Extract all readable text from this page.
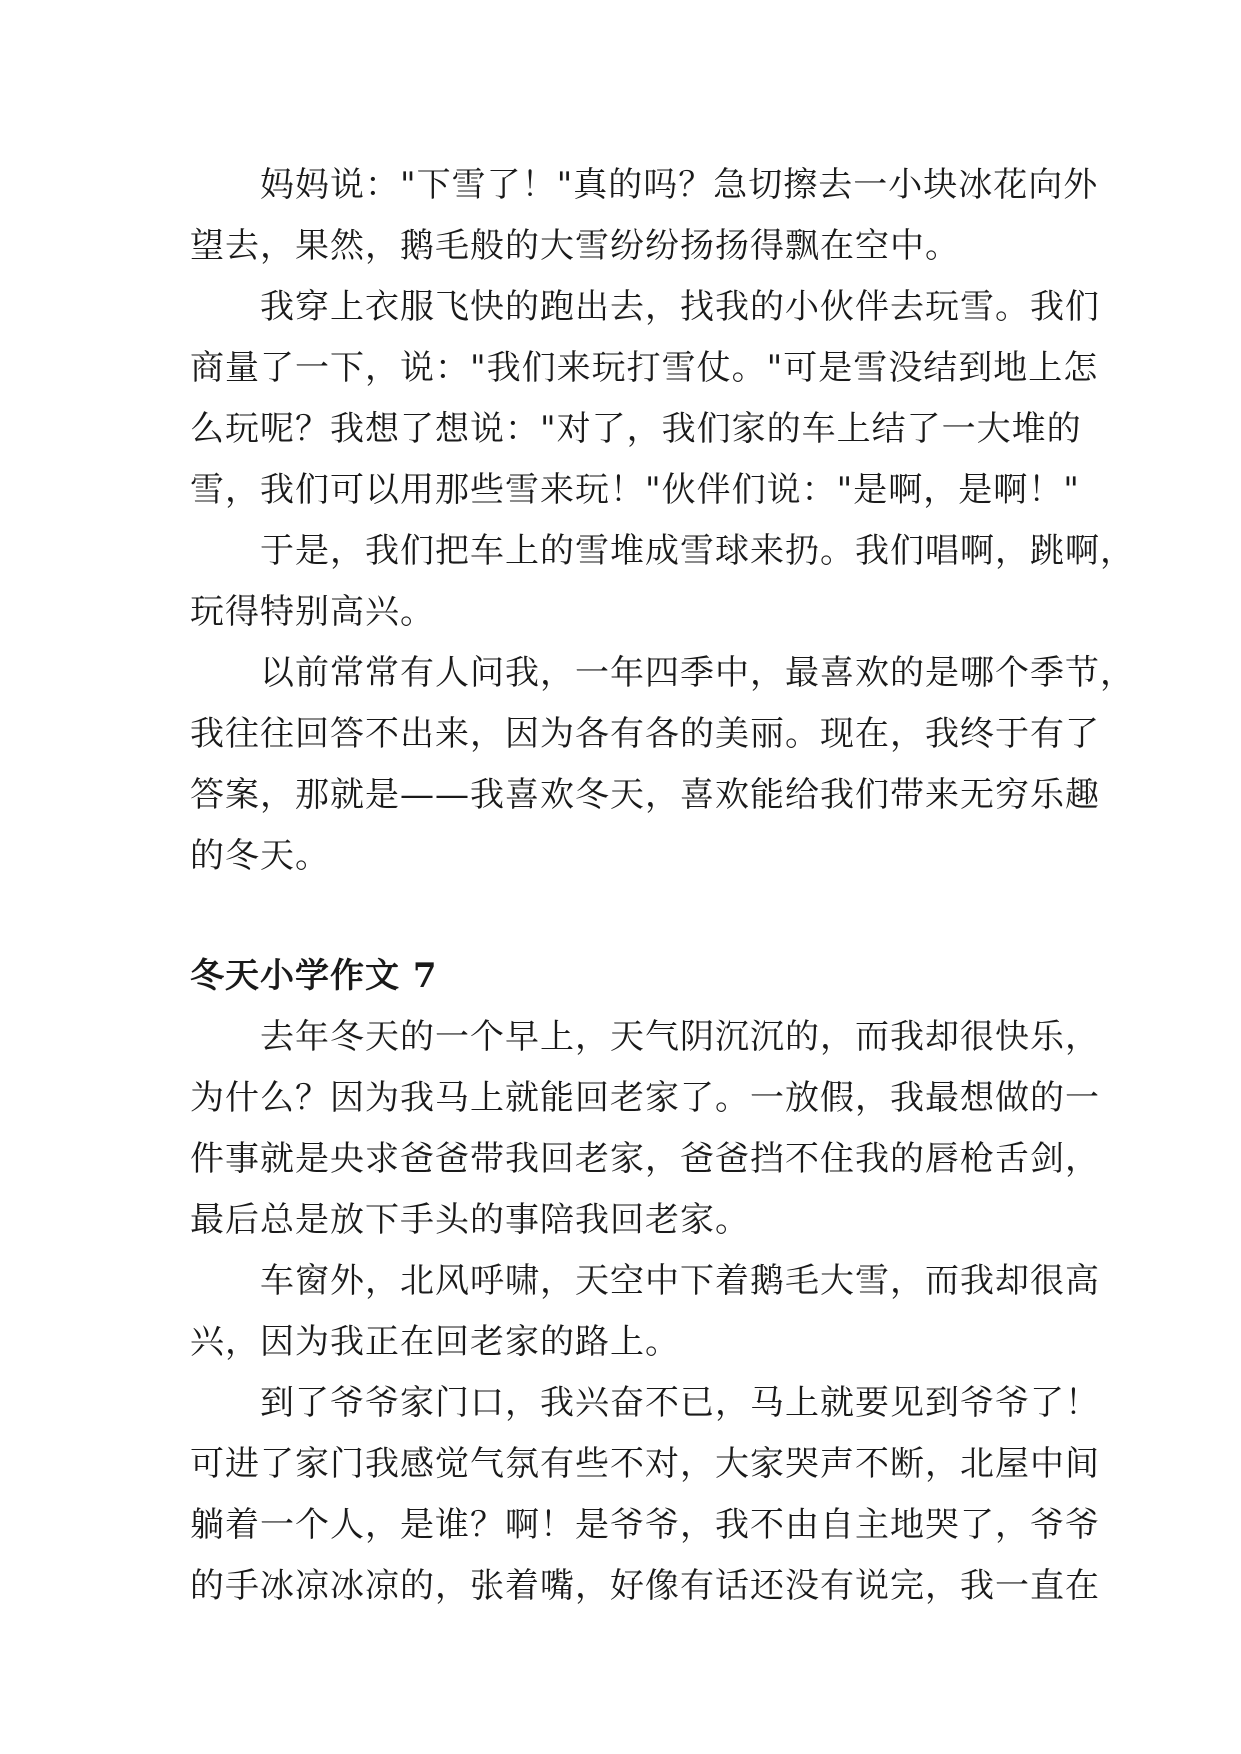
妈妈说："下雪了！"真的吗？急切擦去一小块冰花向外
望去，果然，鹅毛般的大雪纷纷扬扬得飘在空中。

我穿上衣服飞快的跑出去，找我的小伙伴去玩雪。我们
商量了一下，说："我们来玩打雪仗。"可是雪没结到地上怎
么玩呢？我想了想说："对了，我们家的车上结了一大堆的
雪，我们可以用那些雪来玩！"伙伴们说："是啊，是啊！"

于是，我们把车上的雪堆成雪球来扔。我们唱啊，跳啊，
玩得特别高兴。

以前常常有人问我，一年四季中，最喜欢的是哪个季节，
我往往回答不出来，因为各有各的美丽。现在，我终于有了
答案，那就是——我喜欢冬天，喜欢能给我们带来无穷乐趣
的冬天。

冬天小学作文 7

去年冬天的一个早上，天气阴沉沉的，而我却很快乐，
为什么？因为我马上就能回老家了。一放假，我最想做的一
件事就是央求爸爸带我回老家，爸爸挡不住我的唇枪舌剑，
最后总是放下手头的事陪我回老家。

车窗外，北风呼啸，天空中下着鹅毛大雪，而我却很高
兴，因为我正在回老家的路上。

到了爷爷家门口，我兴奋不已，马上就要见到爷爷了！
可进了家门我感觉气氛有些不对，大家哭声不断，北屋中间
躺着一个人，是谁？啊！是爷爷，我不由自主地哭了，爷爷
的手冰凉冰凉的，张着嘴，好像有话还没有说完，我一直在
